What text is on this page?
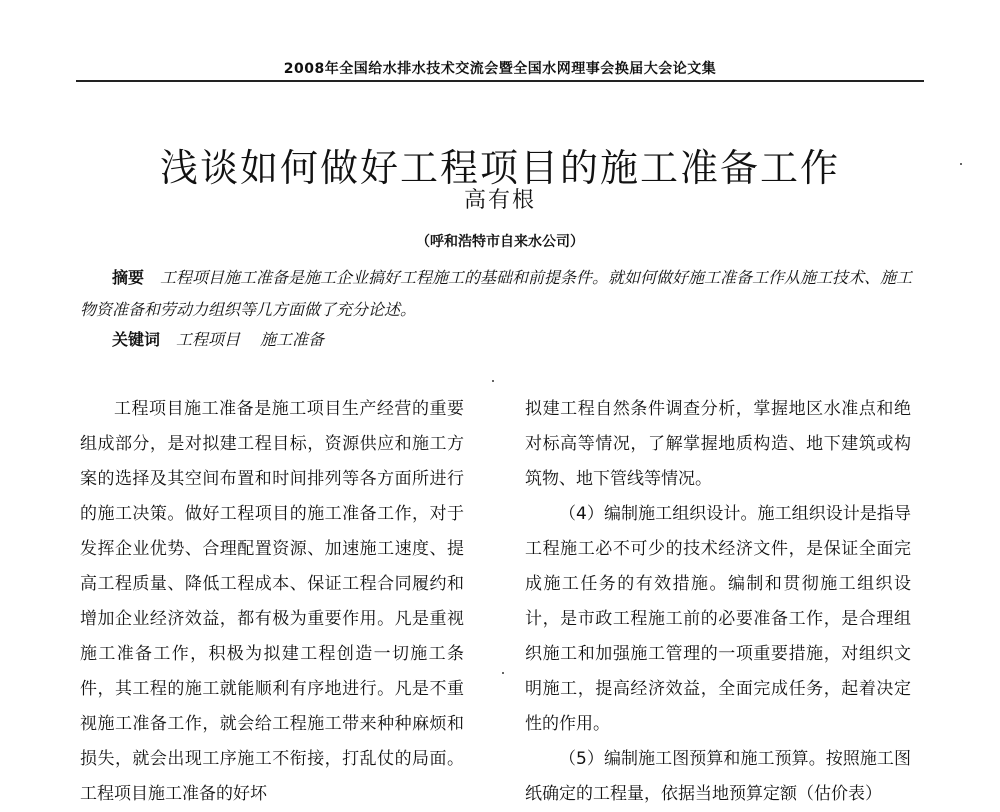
2008年全国给水排水技术交流会暨全国水网理事会换届大会论文集
浅谈如何做好工程项目的施工准备工作
高有根
（呼和浩特市自来水公司）

摘要 工程项目施工准备是施工企业搞好工程施工的基础和前提条件。就如何做好施工准备工作从施工技术、施工物资准备和劳动力组织等几方面做了充分论述。

关键词 工程项目 施工准备

工程项目施工准备是施工项目生产经营的重要组成部分，是对拟建工程目标，资源供应和施工方案的选择及其空间布置和时间排列等各方面所进行的施工决策。做好工程项目的施工准备工作，对于发挥企业优势、合理配置资源、加速施工速度、提高工程质量、降低工程成本、保证工程合同履约和增加企业经济效益，都有极为重要作用。凡是重视施工准备工作，积极为拟建工程创造一切施工条件，其工程的施工就能顺利有序地进行。凡是不重视施工准备工作，就会给工程施工带来种种麻烦和损失，就会出现工序施工不衔接，打乱仗的局面。工程项目施工准备的好坏

拟建工程自然条件调查分析，掌握地区水准点和绝对标高等情况，了解掌握地质构造、地下建筑或构筑物、地下管线等情况。

（4）编制施工组织设计。施工组织设计是指导工程施工必不可少的技术经济文件，是保证全面完成施工任务的有效措施。编制和贯彻施工组织设计，是市政工程施工前的必要准备工作，是合理组织施工和加强施工管理的一项重要措施，对组织文明施工，提高经济效益，全面完成任务，起着决定性的作用。

（5）编制施工图预算和施工预算。按照施工图纸确定的工程量，依据当地预算定额（估价表）
